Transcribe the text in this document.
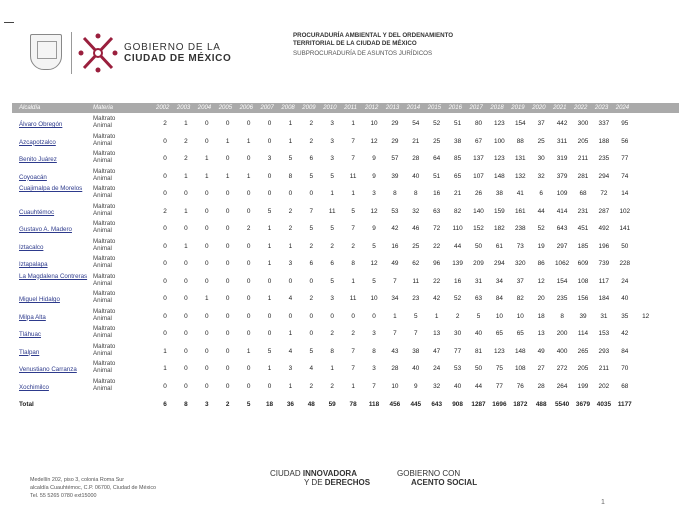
GOBIERNO DE LA
CIUDAD DE MÉXICO
PROCURADURÍA AMBIENTAL Y DEL ORDENAMIENTO
TERRITORIAL DE LA CIUDAD DE MÉXICO
SUBPROCURADURÍA DE ASUNTOS JURÍDICOS
Alcaldía	Materia	2002 2003 2004 2005 2006 2007 2008 2009 2010 2011 2012 2013 2014 2015 2016 2017 2018 2019 2020 2021 2022 2023 2024
Álvaro Obregón
Maltrato Animal	2	1	0	0	0	0	1	2	3	1	10	29	54	52	51	80	123	154	37	442	300	337	95
Azcapotzalco
Maltrato Animal	0	2	0	1	1	0	1	2	3	7	12	29	21	25	38	67	100	88	25	311	205	188	56
Benito Juárez
Maltrato Animal	0	2	1	0	0	3	5	6	3	7	9	57	28	64	85	137	123	131	30	319	211	235	77
Coyoacán
Maltrato Animal	0	1	1	1	1	0	8	5	5	11	9	39	40	51	65	107	148	132	32	379	281	294	74
Cuajimalpa de Morelos	Maltrato Animal	0	0	0	0	0	0	0	0	1	1	3	8	8	16	21	26	38	41	6	109	68	72	14
Cuauhtémoc
Maltrato Animal	2	1	0	0	0	5	2	7	11	5	12	53	32	63	82	140	159	161	44	414	231	287	102
Gustavo A. Madero
Maltrato Animal	0	0	0	0	2	1	2	5	5	7	9	42	46	72	110	152	182	238	52	643	451	492	141
Iztacalco
Maltrato Animal	0	1	0	0	0	1	1	2	2	2	5	16	25	22	44	50	61	73	19	297	185	196	50
Iztapalapa
Maltrato Animal	0	0	0	0	0	1	3	6	6	8	12	49	62	96	139	209	294	320	86	1062	609	739	228
La Magdalena Contreras Maltrato Animal	0	0	0	0	0	0	0	0	5	1	5	7	11	22	16	31	34	37	12	154	108	117	24
Miguel Hidalgo
Maltrato Animal	0	0	1	0	0	1	4	2	3	11	10	34	23	42	52	63	84	82	20	235	156	184	40
Milpa Alta
Maltrato Animal	0	0	0	0	0	0	0	0	0	0	0	1	5	1	2	5	10	10	18	8	39	31	35	12
Tláhuac
Maltrato Animal	0	0	0	0	0	0	1	0	2	2	3	7	7	13	30	40	65	65	13	200	114	153	42
Tlalpan
Maltrato Animal	1	0	0	0	1	5	4	5	8	7	8	43	38	47	77	81	123	148	49	400	265	293	84
Venustiano Carranza
Maltrato Animal	1	0	0	0	0	1	3	4	1	7	3	28	40	24	53	50	75	108	27	272	205	211	70
Xochimilco
Maltrato Animal	0	0	0	0	0	0	1	2	2	1	7	10	9	32	40	44	77	76	28	264	199	202	68
Total	6	8	3	2	5	18	36	48	59	78	118	456	445	643	908	1287	1696	1872	488	5540	3679	4035	1177
Medellín 202, piso 3, colonia Roma Sur
alcaldía Cuauhtémoc, C.P. 06700, Ciudad de México
Tel. 55 5265 0780 ext15000
CIUDAD INNOVADORA
Y DE DERECHOS
GOBIERNO CON
ACENTO SOCIAL
1
